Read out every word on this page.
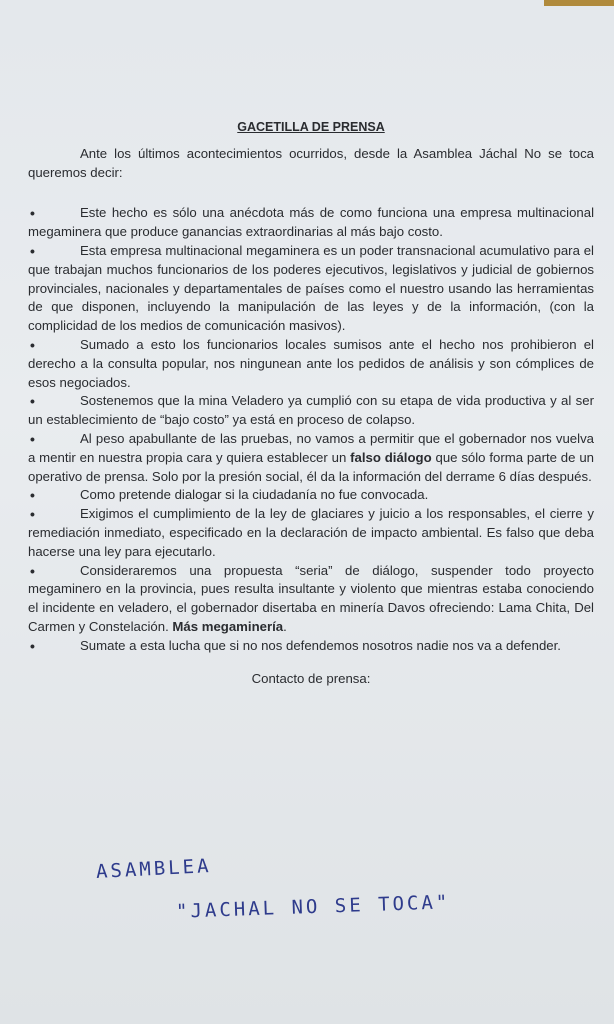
GACETILLA DE PRENSA

Ante los últimos acontecimientos ocurridos, desde la Asamblea Jáchal No se toca queremos decir:

•	Este hecho es sólo una anécdota más de como funciona una empresa multinacional megaminera que produce ganancias extraordinarias al más bajo costo.

•	Esta empresa multinacional megaminera es un poder transnacional acumulativo para el que trabajan muchos funcionarios de los poderes ejecutivos, legislativos y judicial de gobiernos provinciales, nacionales y departamentales de países como el nuestro usando las herramientas de que disponen, incluyendo la manipulación de las leyes y de la información, (con la complicidad de los medios de comunicación masivos).

•	Sumado a esto los funcionarios locales sumisos ante el hecho nos prohibieron el derecho a la consulta popular, nos ningunean ante los pedidos de análisis y son cómplices de esos negociados.

•	Sostenemos que la mina Veladero ya cumplió con su etapa de vida productiva y al ser un establecimiento de “bajo costo” ya está en proceso de colapso.

•	Al peso apabullante de las pruebas, no vamos a permitir que el gobernador nos vuelva a mentir en nuestra propia cara y quiera establecer un falso diálogo que sólo forma parte de un operativo de prensa. Solo por la presión social, él da la información del derrame 6 días después.

•	Como pretende dialogar si la ciudadanía no fue convocada.

•	Exigimos el cumplimiento de la ley de glaciares y juicio a los responsables, el cierre y remediación inmediato, especificado en la declaración de impacto ambiental. Es falso que deba hacerse una ley para ejecutarlo.

•	Consideraremos una propuesta “seria” de diálogo, suspender todo proyecto megaminero en la provincia, pues resulta insultante y violento que mientras estaba conociendo el incidente en veladero, el gobernador disertaba en minería Davos ofreciendo: Lama Chita, Del Carmen y Constelación. Más megaminería.

•	Sumate a esta lucha que si no nos defendemos nosotros nadie nos va a defender.

Contacto de prensa:

ASAMBLEA
"JACHAL NO SE TOCA"
